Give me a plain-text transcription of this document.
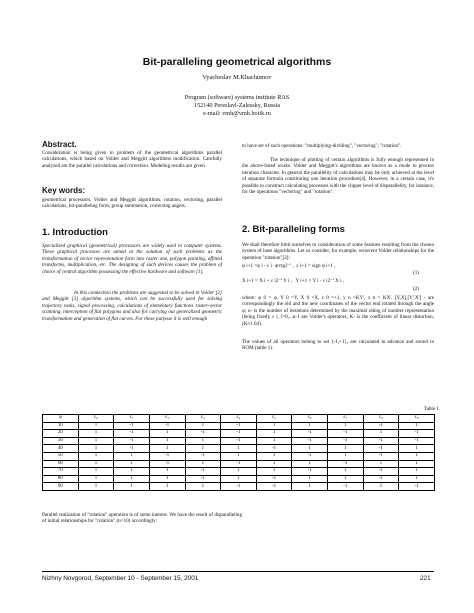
Bit-paralleling geometrical algorithms
Vyacheslav M.Khachumov
Program (software) systems institute RAS
152140 Pereslavl-Zalessky, Russia
e-mail: vmh@vmh.botik.ru
Abstract.

Consideration is being given to problem of the geometrical algorithms parallel calculations, which based on Volder and Meggitt algorithms modification. Carefully analyzed are the parallel calculations and correction. Modeling results are given.

Key words:

geometrical processors, Volder and Meggitt algorithms, rotation, vectoring, parallel calculations, bit-paralleling form, group summation, correcting angels.

1. Introduction

Specialized graphical (geometrical) processors are widely used in computer systems. These graphical processes are aimed at the solution of such problems as the transformation of vector representation form into raster one, polygon painting, affined transforms, multiplication, etc. The designing of such devices causes the problem of choice of central algorithm possessing the effective hardware and software [1].

In this connection the problems are suggested to be solved in Volder [2] and Meggitt [3] algorithm systems, which can be successfully used for solving trajectory tasks, signal processing, calculations of elementary functions raster-vector scanning, interception of flat polygons and also for carrying out generalized geometric transformation and generation of flat curves. For these purpose it is well enough

to have set of such operations: "multiplying-dividing", "vectoring", "rotation".

The technique of plotting of certain algorithms is fully enough represented in the above-listed works. Volder and Meggitt's algorithms are known as a mode to process iteration character. In general the parallelity of calculations may be only achieved at the level of separate formula constituting one iteration procedure[4]. However, in a certain case, it's possible to construct calculating processes with the clipper level of disparallelity, for instance, for the operations "vectoring" and "rotation".

2. Bit-paralleling forms

We shall therefore limit ourselves to consideration of some features resulting from the chosen system of base algorithms. Let us consider, for example, recurrent Volder relationships for the operation "rotation"[2]:

φ i+1 =φ i - ε i ·arctg2⁻ⁱ ,  ε i+1 = sign φ i+1 ,
(1)
X i+1 = X i + ε i2⁻ⁱ Y i ,   Y i+1 = Y i - ε i2⁻ⁱ X i ,
(2)

where: φ 0 = φ, Y 0 =Y, X 0 =X, ε 0 =+1, y n =KY', x n = KX'. [Y,X],[Y',X'] - are correspondingly the old and the new coordinates of the vector end rotated through the angle φ; n- is the number of iterations determined by the maximal rating of number representation (being fixed); ε i, i=0,...n-1 are Volder's operators, K- is the coefficient of linear distortion, (K≈1.64).

The values of all operators belong to set {-1,+1}, are calculated in advance and stored in ROM (table 1).

Table 1.
φ	ε₀	ε₁	ε₂	ε₃	ε₄	ε₅	ε₆	ε₇	ε₈	ε₉
10	1	-1	-1	1	-1	1	1	1	-1	1
20	1	-1	1	-1	-1	1	-1	-1	1	-1
30	1	-1	1	1	-1	1	-1	-1	-1	-1
40	1	-1	1	1	1	-1	1	1	-1	1
50	1	1	-1	-1	1	1	-1	1	-1	1
60	1	1	-1	1	-1	1	1	-1	1	1
70	1	1	1	-1	1	1	-1	1	-1	1
80	1	1	1	-1	1	-1	1	1	-1	1
90	1	1	1	1	-1	-1	1	-1	1	-1

Parallel realization of "rotation" operation is of some interest. We have the result of disparalleling of initial relationships for "rotation" (n=10) accordingly:

Nizhny Novgorod, September 10 - September 15, 2001	221
